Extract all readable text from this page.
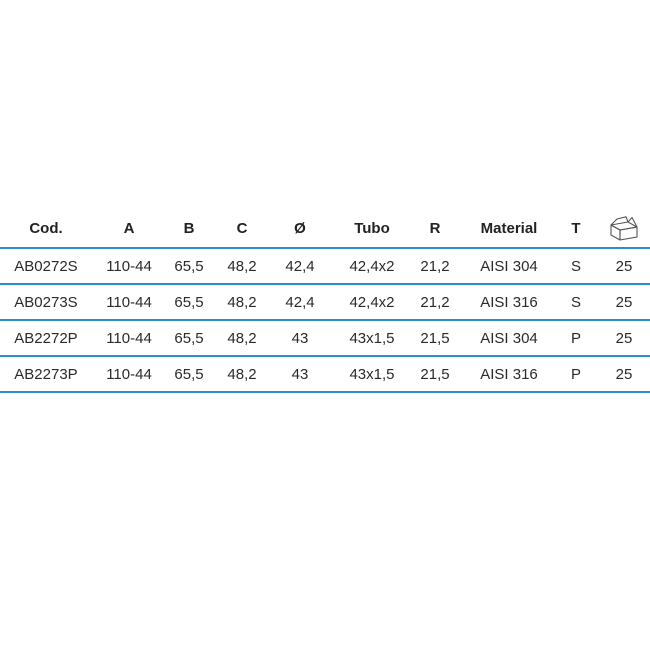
Cod.	A	B	C	Ø	Tubo	R	Material	T
AB0272S	110-44	65,5	48,2	42,4	42,4x2	21,2	AISI 304	S	25
AB0273S	110-44	65,5	48,2	42,4	42,4x2	21,2	AISI 316	S	25
AB2272P	110-44	65,5	48,2	43	43x1,5	21,5	AISI 304	P	25
AB2273P	110-44	65,5	48,2	43	43x1,5	21,5	AISI 316	P	25
